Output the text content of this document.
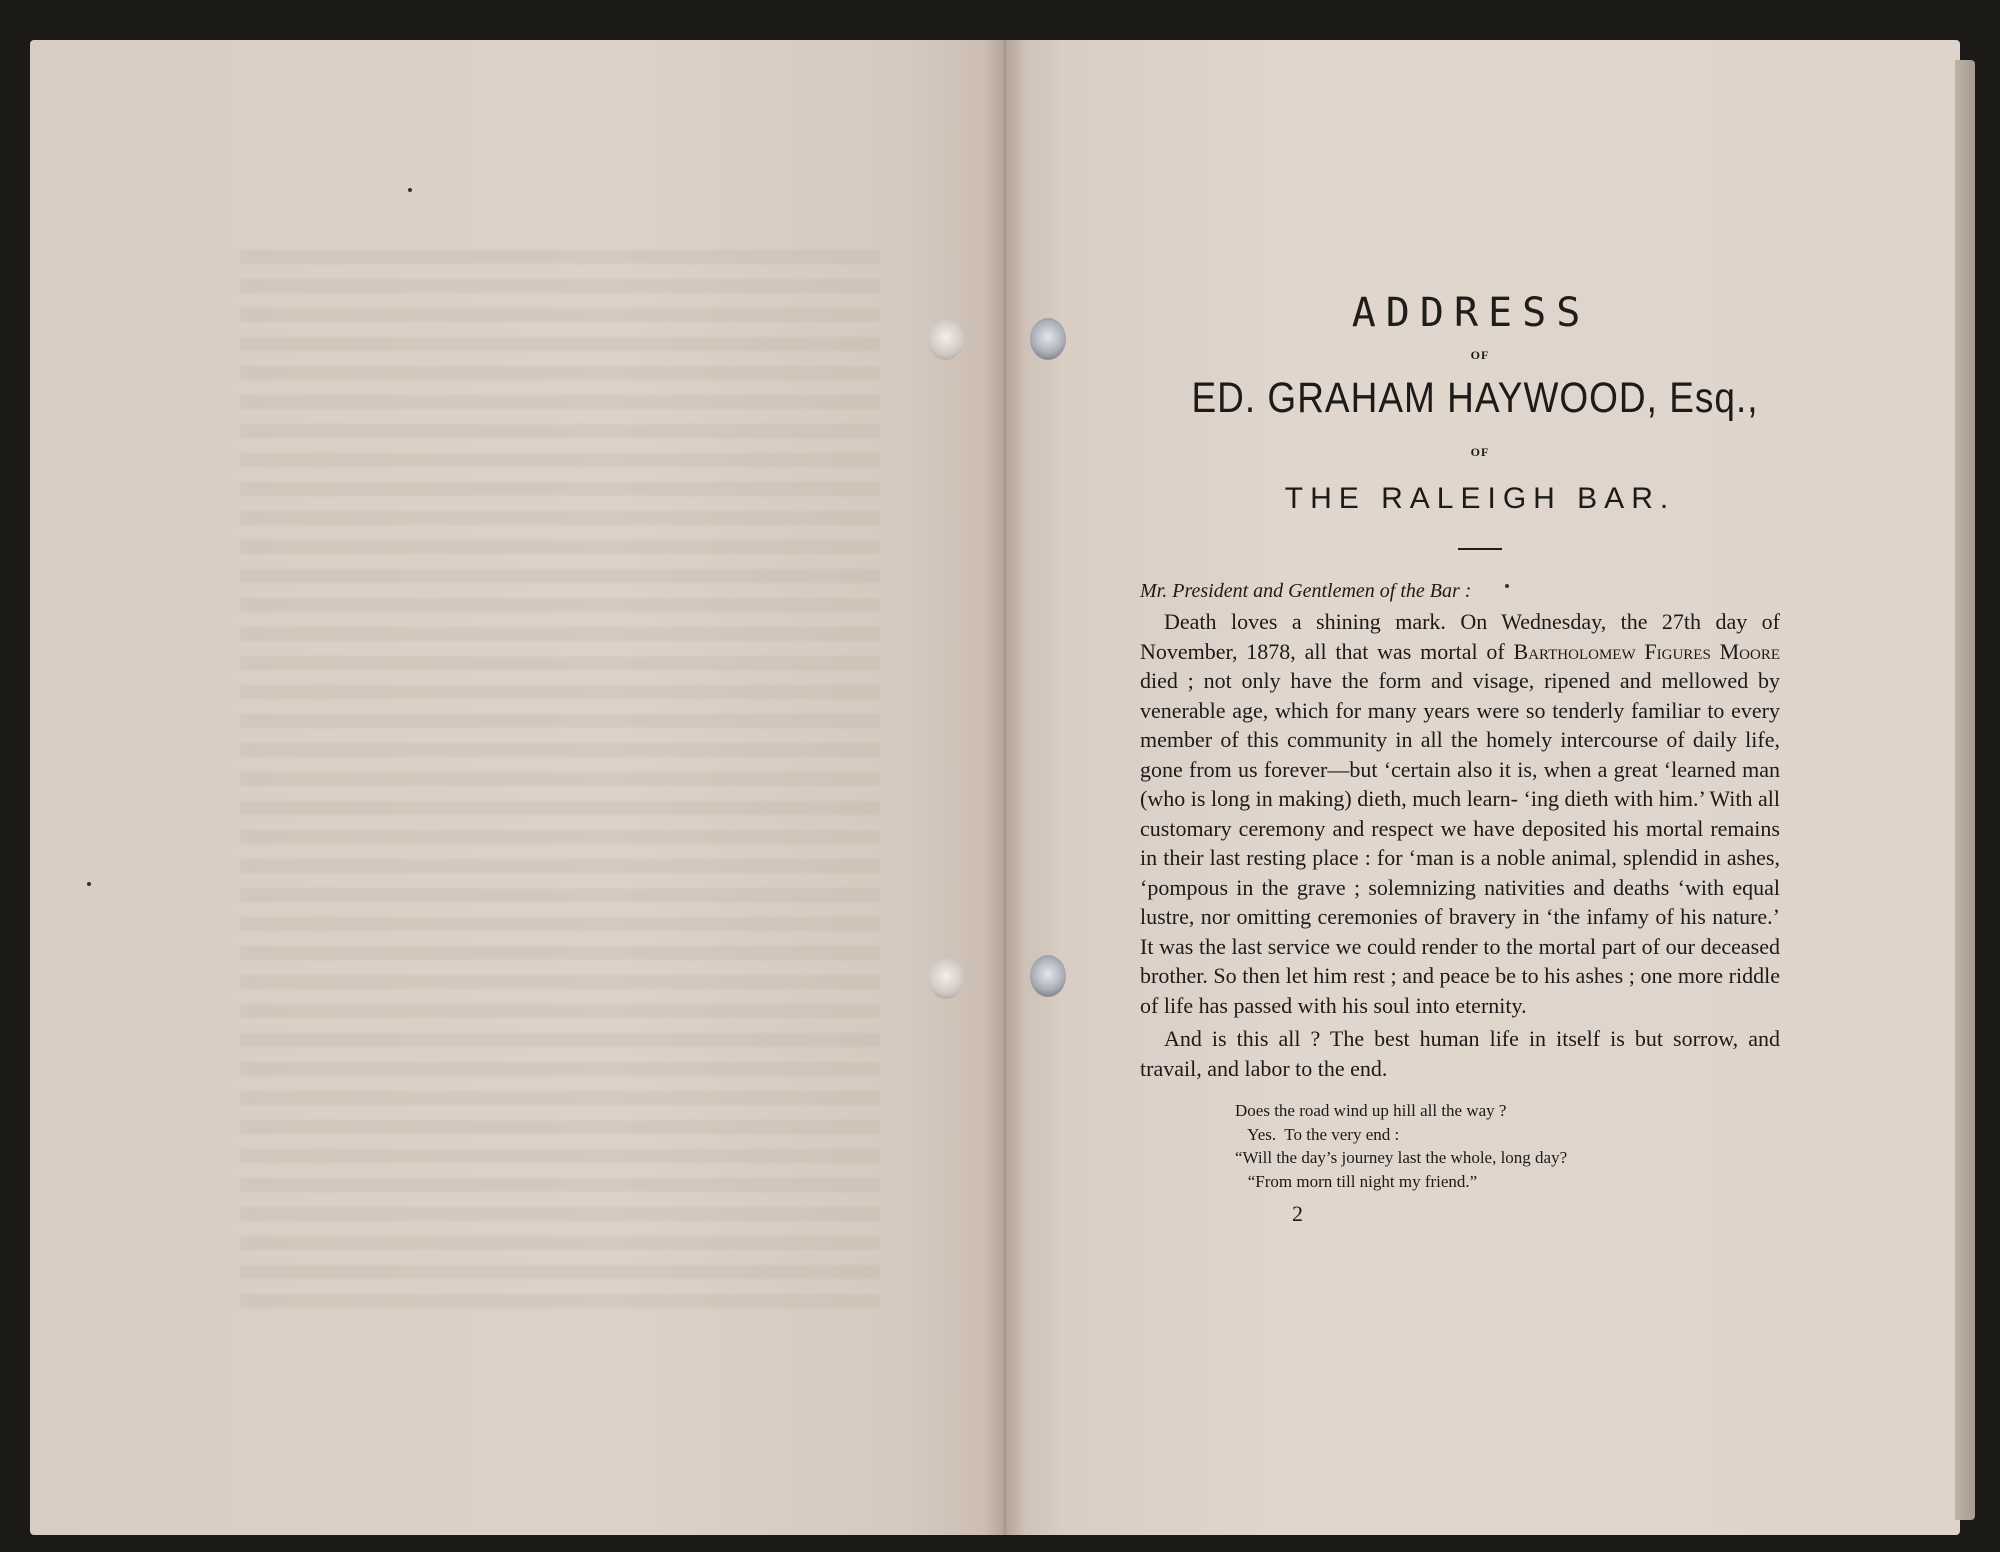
ADDRESS
OF
ED. GRAHAM HAYWOOD, Esq.,
OF
THE RALEIGH BAR.
Mr. President and Gentlemen of the Bar :

Death loves a shining mark. On Wednesday, the 27th day of November, 1878, all that was mortal of Bartholomew Figures Moore died ; not only have the form and visage, ripened and mellowed by venerable age, which for many years were so tenderly familiar to every member of this community in all the homely intercourse of daily life, gone from us forever—but ‘certain also it is, when a great ‘learned man (who is long in making) dieth, much learn- ‘ing dieth with him.’ With all customary ceremony and respect we have deposited his mortal remains in their last resting place : for ‘man is a noble animal, splendid in ashes, ‘pompous in the grave ; solemnizing nativities and deaths ‘with equal lustre, nor omitting ceremonies of bravery in ‘the infamy of his nature.’ It was the last service we could render to the mortal part of our deceased brother. So then let him rest ; and peace be to his ashes ; one more riddle of life has passed with his soul into eternity.

And is this all ? The best human life in itself is but sorrow, and travail, and labor to the end.

Does the road wind up hill all the way ?
Yes.  To the very end :
“Will the day’s journey last the whole, long day?
“From morn till night my friend.”
2
